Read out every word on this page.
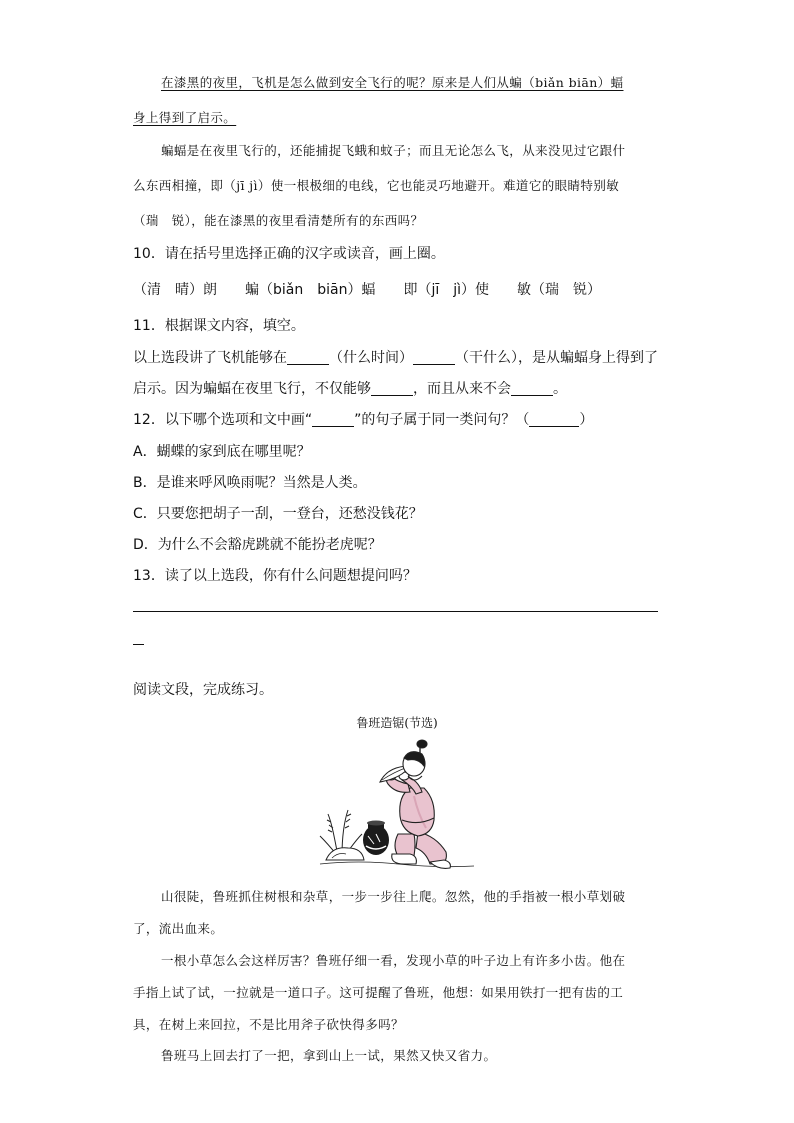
在漆黑的夜里，飞机是怎么做到安全飞行的呢？原来是人们从蝙（biǎn biān）蝠
身上得到了启示。
蝙蝠是在夜里飞行的，还能捕捉飞蛾和蚊子；而且无论怎么飞，从来没见过它跟什
么东西相撞，即（jī jì）使一根极细的电线，它也能灵巧地避开。难道它的眼睛特别敏
（瑞　锐），能在漆黑的夜里看清楚所有的东西吗？
10．请在括号里选择正确的汉字或读音，画上圈。
（清　晴）朗　　蝙（biǎn　biān）蝠　　即（jī　jì）使　　敏（瑞　锐）
11．根据课文内容，填空。
以上选段讲了飞机能够在	（什么时间）	（干什么），是从蝙蝠身上得到了
启示。因为蝙蝠在夜里飞行，不仅能够	，而且从来不会	。
12．以下哪个选项和文中画“	”的句子属于同一类问句？（	）
A．蝴蝶的家到底在哪里呢？
B．是谁来呼风唤雨呢？当然是人类。
C．只要您把胡子一刮，一登台，还愁没钱花？
D．为什么不会豁虎跳就不能扮老虎呢？
13．读了以上选段，你有什么问题想提问吗？
阅读文段，完成练习。
鲁班造锯(节选)
山很陡，鲁班抓住树根和杂草，一步一步往上爬。忽然，他的手指被一根小草划破
了，流出血来。
一根小草怎么会这样厉害？鲁班仔细一看，发现小草的叶子边上有许多小齿。他在
手指上试了试，一拉就是一道口子。这可提醒了鲁班，他想：如果用铁打一把有齿的工
具，在树上来回拉，不是比用斧子砍快得多吗？
鲁班马上回去打了一把，拿到山上一试，果然又快又省力。
